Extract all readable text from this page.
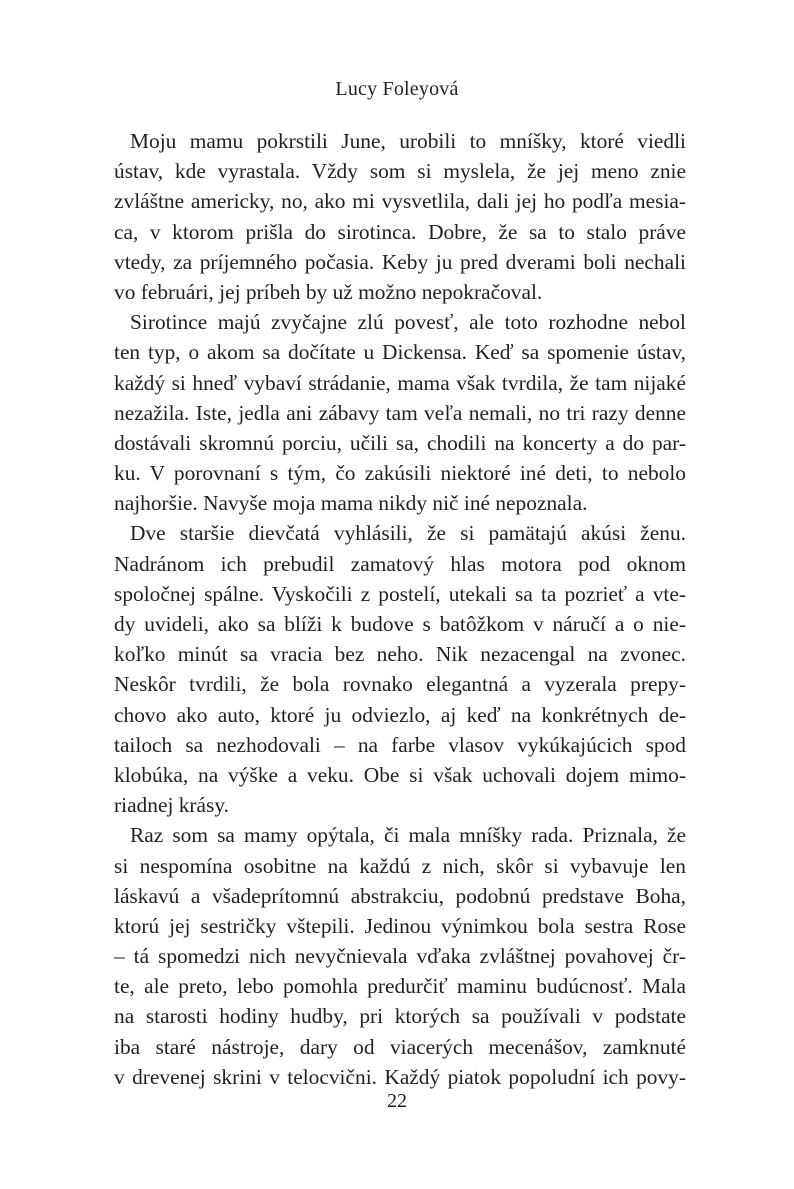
Lucy Foleyová
Moju mamu pokrstili June, urobili to mníšky, ktoré viedli
ústav, kde vyrastala. Vždy som si myslela, že jej meno znie
zvláštne americky, no, ako mi vysvetlila, dali jej ho podľa mesia-
ca, v ktorom prišla do sirotinca. Dobre, že sa to stalo práve
vtedy, za príjemného počasia. Keby ju pred dverami boli nechali
vo februári, jej príbeh by už možno nepokračoval.
Sirotince majú zvyčajne zlú povesť, ale toto rozhodne nebol
ten typ, o akom sa dočítate u Dickensa. Keď sa spomenie ústav,
každý si hneď vybaví strádanie, mama však tvrdila, že tam nijaké
nezažila. Iste, jedla ani zábavy tam veľa nemali, no tri razy denne
dostávali skromnú porciu, učili sa, chodili na koncerty a do par-
ku. V porovnaní s tým, čo zakúsili niektoré iné deti, to nebolo
najhoršie. Navyše moja mama nikdy nič iné nepoznala.
Dve staršie dievčatá vyhlásili, že si pamätajú akúsi ženu.
Nadránom ich prebudil zamatový hlas motora pod oknom
spoločnej spálne. Vyskočili z postelí, utekali sa ta pozrieť a vte-
dy uvideli, ako sa blíži k budove s batôžkom v náručí a o nie-
koľko minút sa vracia bez neho. Nik nezacengal na zvonec.
Neskôr tvrdili, že bola rovnako elegantná a vyzerala prepy-
chovo ako auto, ktoré ju odviezlo, aj keď na konkrétnych de-
tailoch sa nezhodovali – na farbe vlasov vykúkajúcich spod
klobúka, na výške a veku. Obe si však uchovali dojem mimo-
riadnej krásy.
Raz som sa mamy opýtala, či mala mníšky rada. Priznala, že
si nespomína osobitne na každú z nich, skôr si vybavuje len
láskavú a všadeprítomnú abstrakciu, podobnú predstave Boha,
ktorú jej sestričky vštepili. Jedinou výnimkou bola sestra Rose
– tá spomedzi nich nevyčnievala vďaka zvláštnej povahovej čr-
te, ale preto, lebo pomohla predurčiť maminu budúcnosť. Mala
na starosti hodiny hudby, pri ktorých sa používali v podstate
iba staré nástroje, dary od viacerých mecenášov, zamknuté
v drevenej skrini v telocvični. Každý piatok popoludní ich povy-
22
